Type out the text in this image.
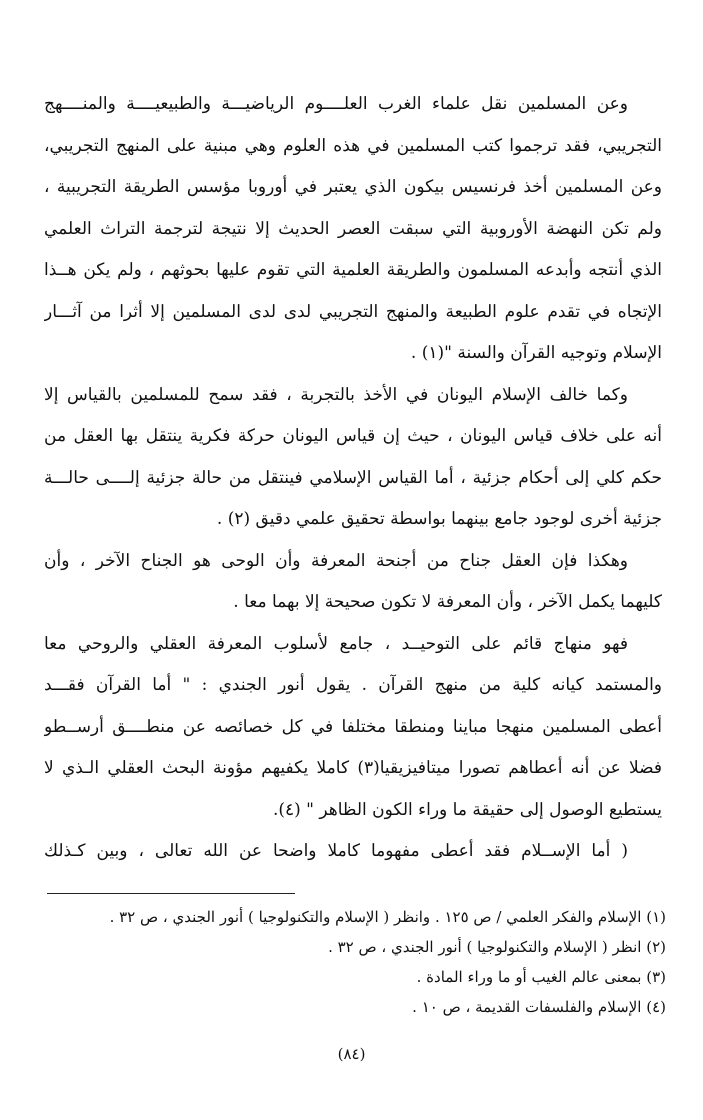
وعن المسلمين نقل علماء الغرب العلــــوم الرياضيـــة والطبيعيــــة والمنــــهج
التجريبي، فقد ترجموا كتب المسلمين في هذه العلوم وهي مبنية على المنهج التجريبي،
وعن المسلمين أخذ فرنسيس بيكون الذي يعتبر في أوروبا مؤسس الطريقة التجريبية ،
ولم تكن النهضة الأوروبية التي سبقت العصر الحديث إلا نتيجة لترجمة التراث العلمي
الذي أنتجه وأبدعه المسلمون والطريقة العلمية التي تقوم عليها بحوثهم ، ولم يكن هــذا
الإتجاه في تقدم علوم الطبيعة والمنهج التجريبي لدى لدى المسلمين إلا أثرا من آثـــار
الإسلام وتوجيه القرآن والسنة "(١) .
وكما خالف الإسلام اليونان في الأخذ بالتجربة ، فقد سمح للمسلمين بالقياس إلا
أنه على خلاف قياس اليونان ، حيث إن قياس اليونان حركة فكرية ينتقل بها العقل من
حكم كلي إلى أحكام جزئية ، أما القياس الإسلامي فينتقل من حالة جزئية إلــــى حالـــة
جزئية أخرى لوجود جامع بينهما بواسطة تحقيق علمي دقيق (٢) .
وهكذا فإن العقل جناح من أجنحة المعرفة وأن الوحى هو الجناح الآخر ، وأن
كليهما يكمل الآخر ، وأن المعرفة لا تكون صحيحة إلا بهما معا .
فهو منهاج قائم على التوحيــد ، جامع لأسلوب المعرفة العقلي والروحي معا
والمستمد كيانه كلية من منهج القرآن . يقول أنور الجندي : " أما القرآن فقـــد
أعطى المسلمين منهجا مباينا ومنطقا مختلفا في كل خصائصه عن منطــــق أرســطو
فضلا عن أنه أعطاهم تصورا ميتافيزيقيا(٣) كاملا يكفيهم مؤونة البحث العقلي الـذي لا
يستطيع الوصول إلى حقيقة ما وراء الكون الظاهر " (٤).
( أما الإســلام فقد أعطى مفهوما كاملا واضحا عن الله تعالى ، وبين كـذلك
(١) الإسلام والفكر العلمي / ص ١٢٥ . وانظر ( الإسلام والتكنولوجيا ) أنور الجندي ، ص ٣٢ .
(٢) انظر ( الإسلام والتكنولوجيا ) أنور الجندي ، ص ٣٢ .
(٣) بمعنى عالم الغيب أو ما وراء المادة .
(٤) الإسلام والفلسفات القديمة ، ص ١٠ .
(٨٤)
